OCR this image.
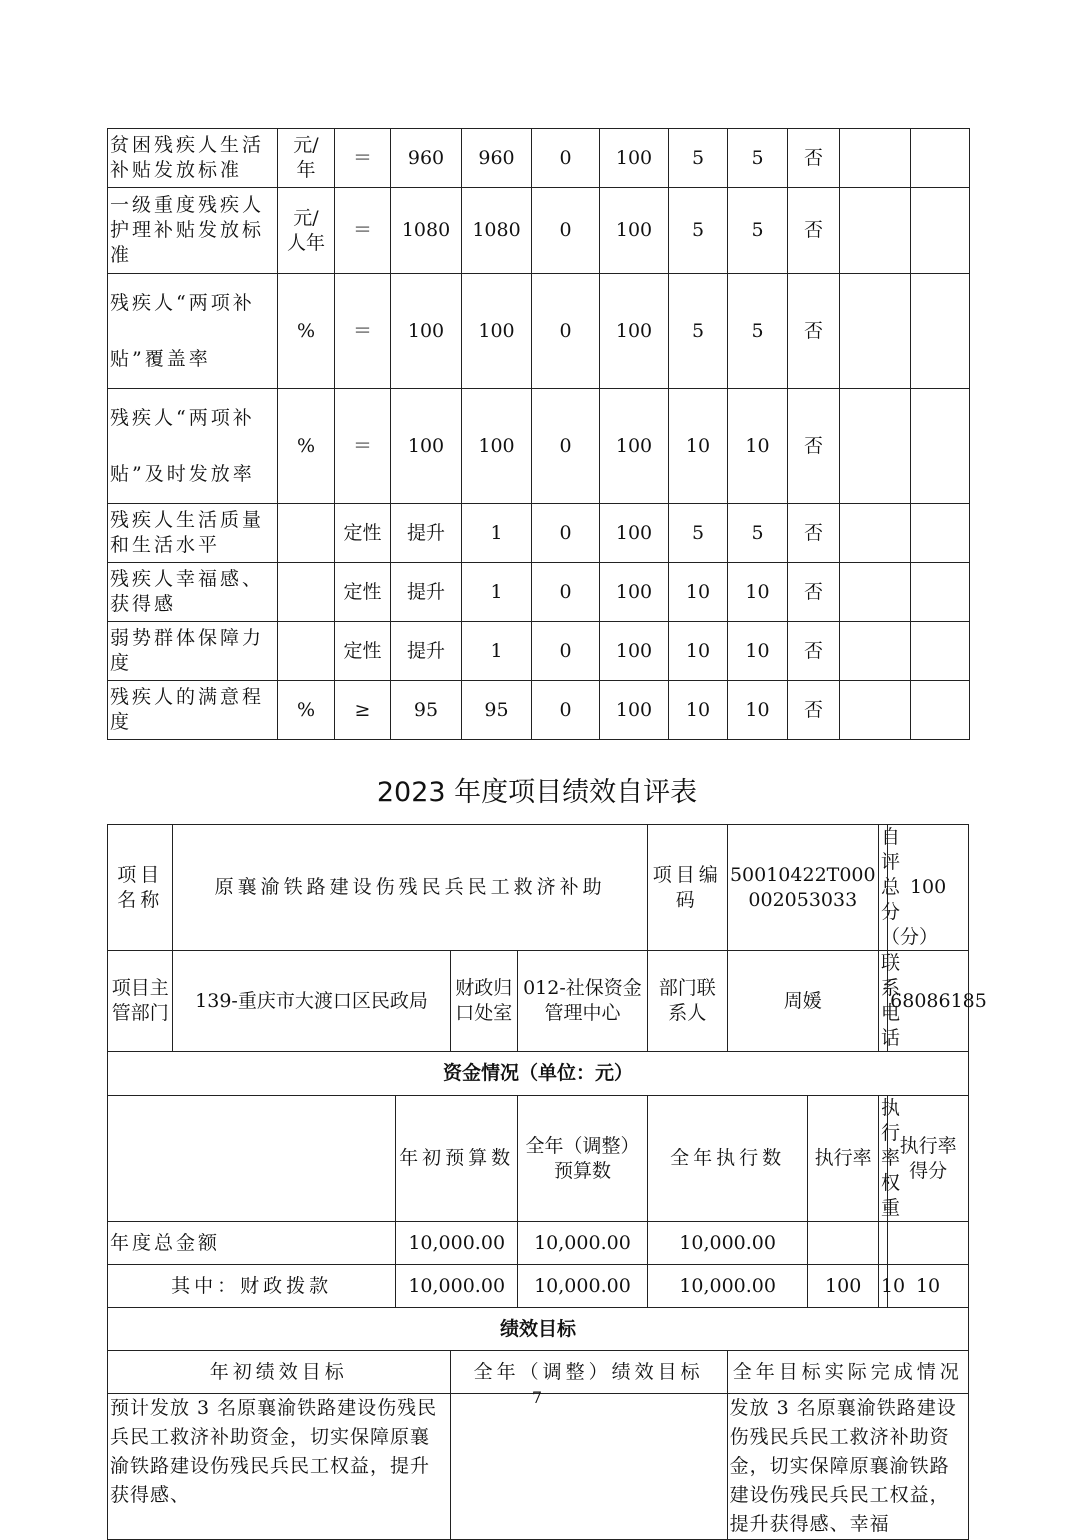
贫困残疾人生活补贴发放标准	元/年	＝	960	960	0	100	5	5	否		
一级重度残疾人护理补贴发放标准	元/人年	＝	1080	1080	0	100	5	5	否		
残疾人“两项补贴”覆盖率	%	＝	100	100	0	100	5	5	否		
残疾人“两项补贴”及时发放率	%	＝	100	100	0	100	10	10	否		
残疾人生活质量和生活水平		定性	提升	1	0	100	5	5	否		
残疾人幸福感、获得感		定性	提升	1	0	100	10	10	否		
弱势群体保障力度		定性	提升	1	0	100	10	10	否		
残疾人的满意程度	%	≥	95	95	0	100	10	10	否		
2023 年度项目绩效自评表
项目名称	原襄渝铁路建设伤残民兵民工救济补助				项目编码	50010422T000002053033		自评总分（分）	100
项目主管部门	139-重庆市大渡口区民政局		财政归口处室	012-社保资金管理中心	部门联系人	周媛		联系电话	68086185
资金情况（单位：元）									
		年初预算数		全年（调整）预算数	全年执行数		执行率	执行率权重	执行率得分
年度总金额		10,000.00		10,000.00	10,000.00				
其中：财政拨款		10,000.00		10,000.00	10,000.00		100	10	10
绩效目标									
年初绩效目标			全年（调整）绩效目标			全年目标实际完成情况			
预计发放 3 名原襄渝铁路建设伤残民兵民工救济补助资金，切实保障原襄渝铁路建设伤残民兵民工权益，提升获得感、						发放 3 名原襄渝铁路建设伤残民兵民工救济补助资金，切实保障原襄渝铁路建设伤残民兵民工权益，提升获得感、幸福			
7
